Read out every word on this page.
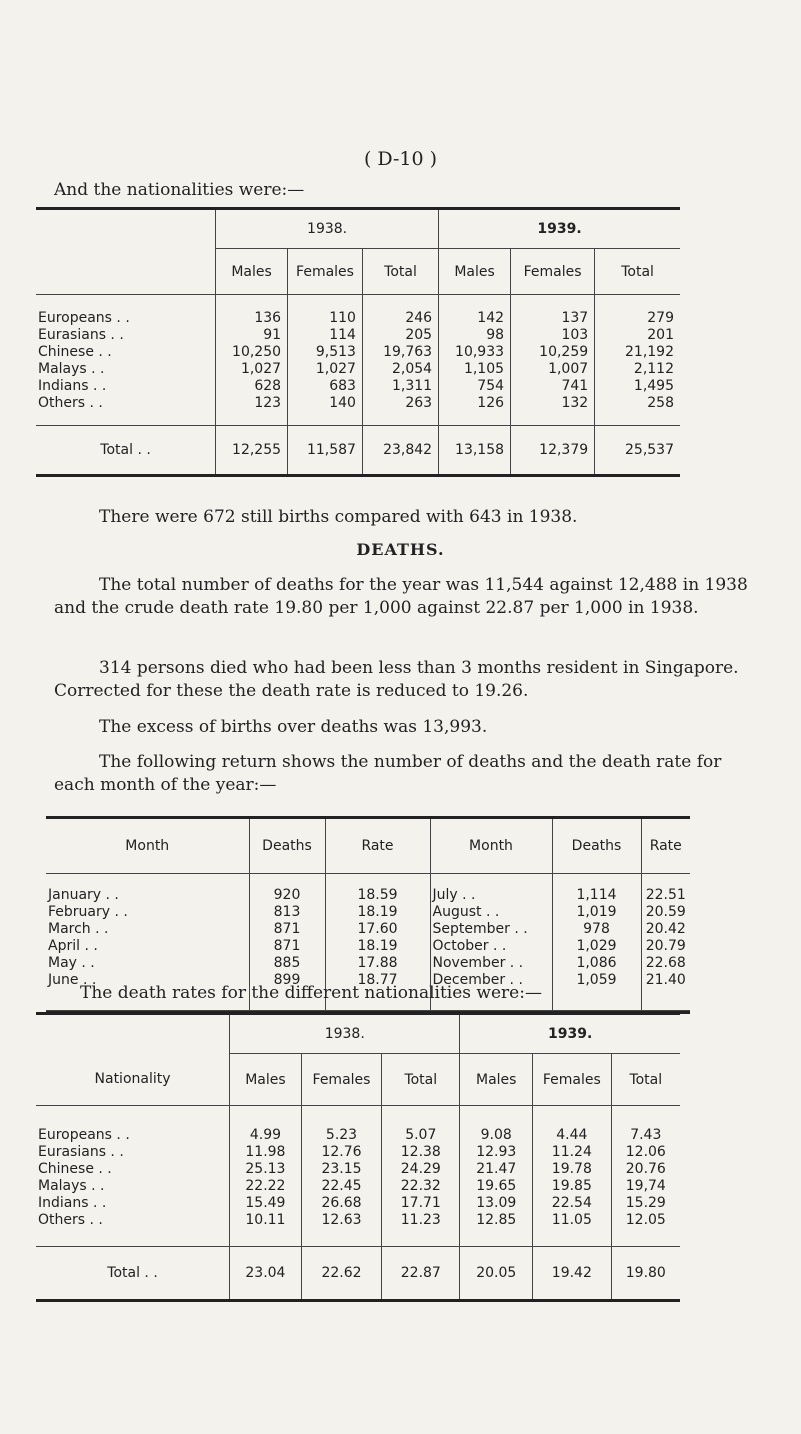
( D-10 )
And the nationalities were:—
	1938.			1939.		
	Males	Females	Total	Males	Females	Total
Europeans . .	136	110	246	142	137	279
Eurasians . .	91	114	205	98	103	201
Chinese . .	10,250	9,513	19,763	10,933	10,259	21,192
Malays . .	1,027	1,027	2,054	1,105	1,007	2,112
Indians . .	628	683	1,311	754	741	1,495
Others . .	123	140	263	126	132	258
Total . .	12,255	11,587	23,842	13,158	12,379	25,537
There were 672 still births compared with 643 in 1938.
DEATHS.

The total number of deaths for the year was 11,544 against 12,488 in 1938 and the crude death rate 19.80 per 1,000 against 22.87 per 1,000 in 1938.

314 persons died who had been less than 3 months resident in Singapore. Corrected for these the death rate is reduced to 19.26.

The excess of births over deaths was 13,993.

The following return shows the number of deaths and the death rate for each month of the year:—

Month	Deaths	Rate	Month	Deaths	Rate
January . .	920	18.59	July . .	1,114	22.51
February . .	813	18.19	August . .	1,019	20.59
March . .	871	17.60	September . .	978	20.42
April . .	871	18.19	October . .	1,029	20.79
May . .	885	17.88	November . .	1,086	22.68
June . .	899	18.77	December . .	1,059	21.40

The death rates for the different nationalities were:—
	1938.			1939.		
Nationality	Males	Females	Total	Males	Females	Total
Europeans . .	4.99	5.23	5.07	9.08	4.44	7.43
Eurasians . .	11.98	12.76	12.38	12.93	11.24	12.06
Chinese . .	25.13	23.15	24.29	21.47	19.78	20.76
Malays . .	22.22	22.45	22.32	19.65	19.85	19,74
Indians . .	15.49	26.68	17.71	13.09	22.54	15.29
Others . .	10.11	12.63	11.23	12.85	11.05	12.05
Total . .	23.04	22.62	22.87	20.05	19.42	19.80
